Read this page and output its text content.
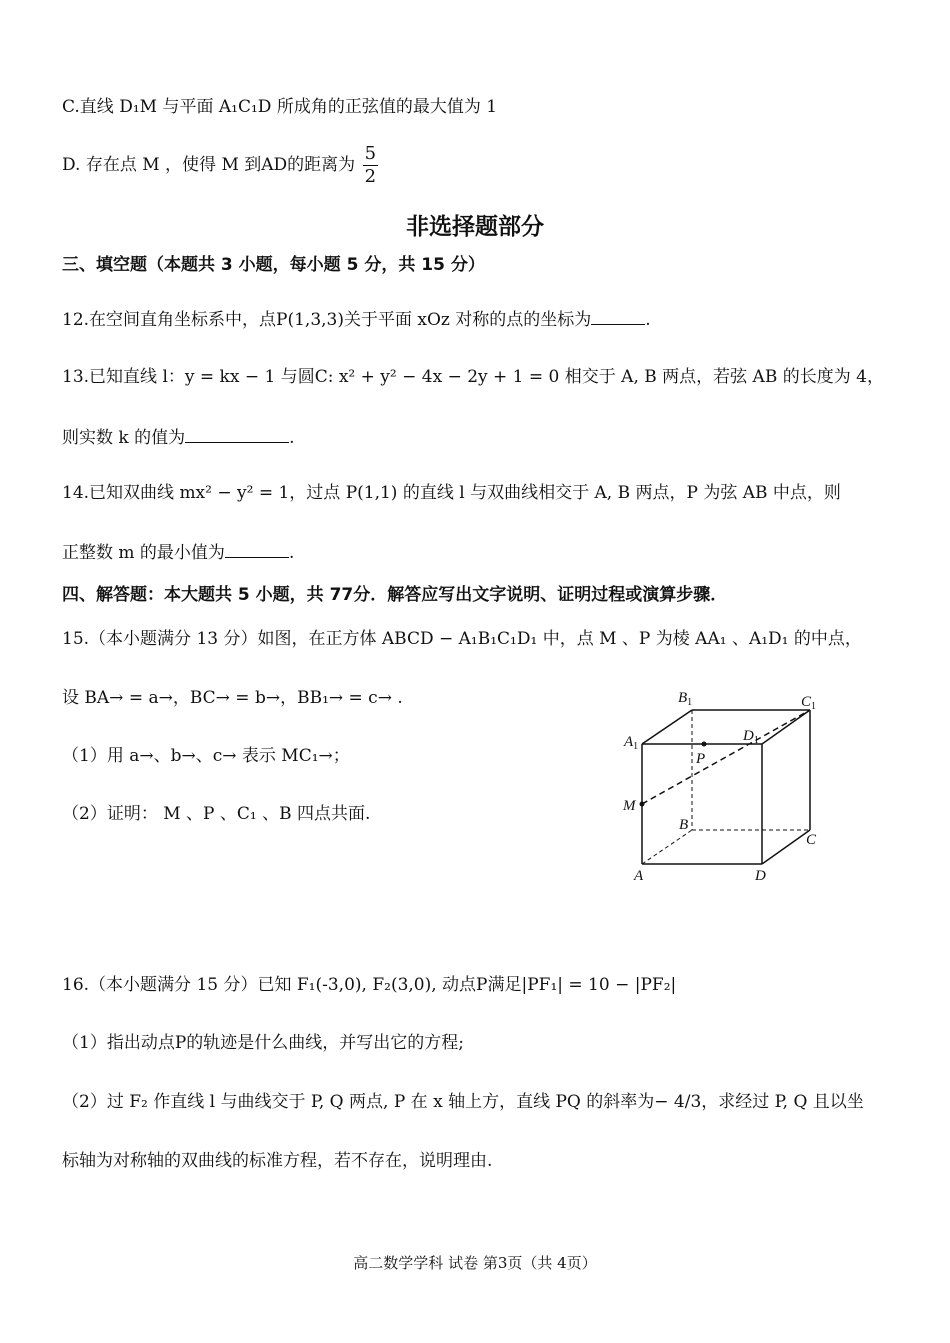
C.直线 D₁M 与平面 A₁C₁D 所成角的正弦值的最大值为 1
D. 存在点 M ，使得 M 到AD的距离为 $\frac{5}{2}$
非选择题部分
三、填空题（本题共 3 小题，每小题 5 分，共 15 分）
12.在空间直角坐标系中，点P(1,3,3)关于平面 xOz 对称的点的坐标为	.
13.已知直线 l：y = kx − 1 与圆C: x² + y² − 4x − 2y + 1 = 0 相交于 A, B 两点，若弦 AB 的长度为 4，
则实数 k 的值为	.
14.已知双曲线 mx² − y² = 1，过点 P(1,1) 的直线 l 与双曲线相交于 A, B 两点，P 为弦 AB 中点，则
正整数 m 的最小值为	.
四、解答题：本大题共 5 小题，共 77分．解答应写出文字说明、证明过程或演算步骤．
15.（本小题满分 13 分）如图，在正方体 ABCD − A₁B₁C₁D₁ 中，点 M 、P 为棱 AA₁ 、A₁D₁ 的中点，
设 BA→ = a→，BC→ = b→，BB₁→ = c→ .
（1）用 a→、b→、c→ 表示 MC₁→；
（2）证明： M 、P 、C₁ 、B 四点共面.
$B_1$	$C_1$
$A_1$
$D_1$
P
M
B
C
A	D
16.（本小题满分 15 分）已知 F₁(-3,0), F₂(3,0), 动点P满足|PF₁| = 10 − |PF₂|
（1）指出动点P的轨迹是什么曲线，并写出它的方程;
（2）过 F₂ 作直线 l 与曲线交于 P, Q 两点, P 在 x 轴上方，直线 PQ 的斜率为− 4/3，求经过 P, Q 且以坐
标轴为对称轴的双曲线的标准方程，若不存在，说明理由.
高二数学学科 试卷 第3页（共 4页）
